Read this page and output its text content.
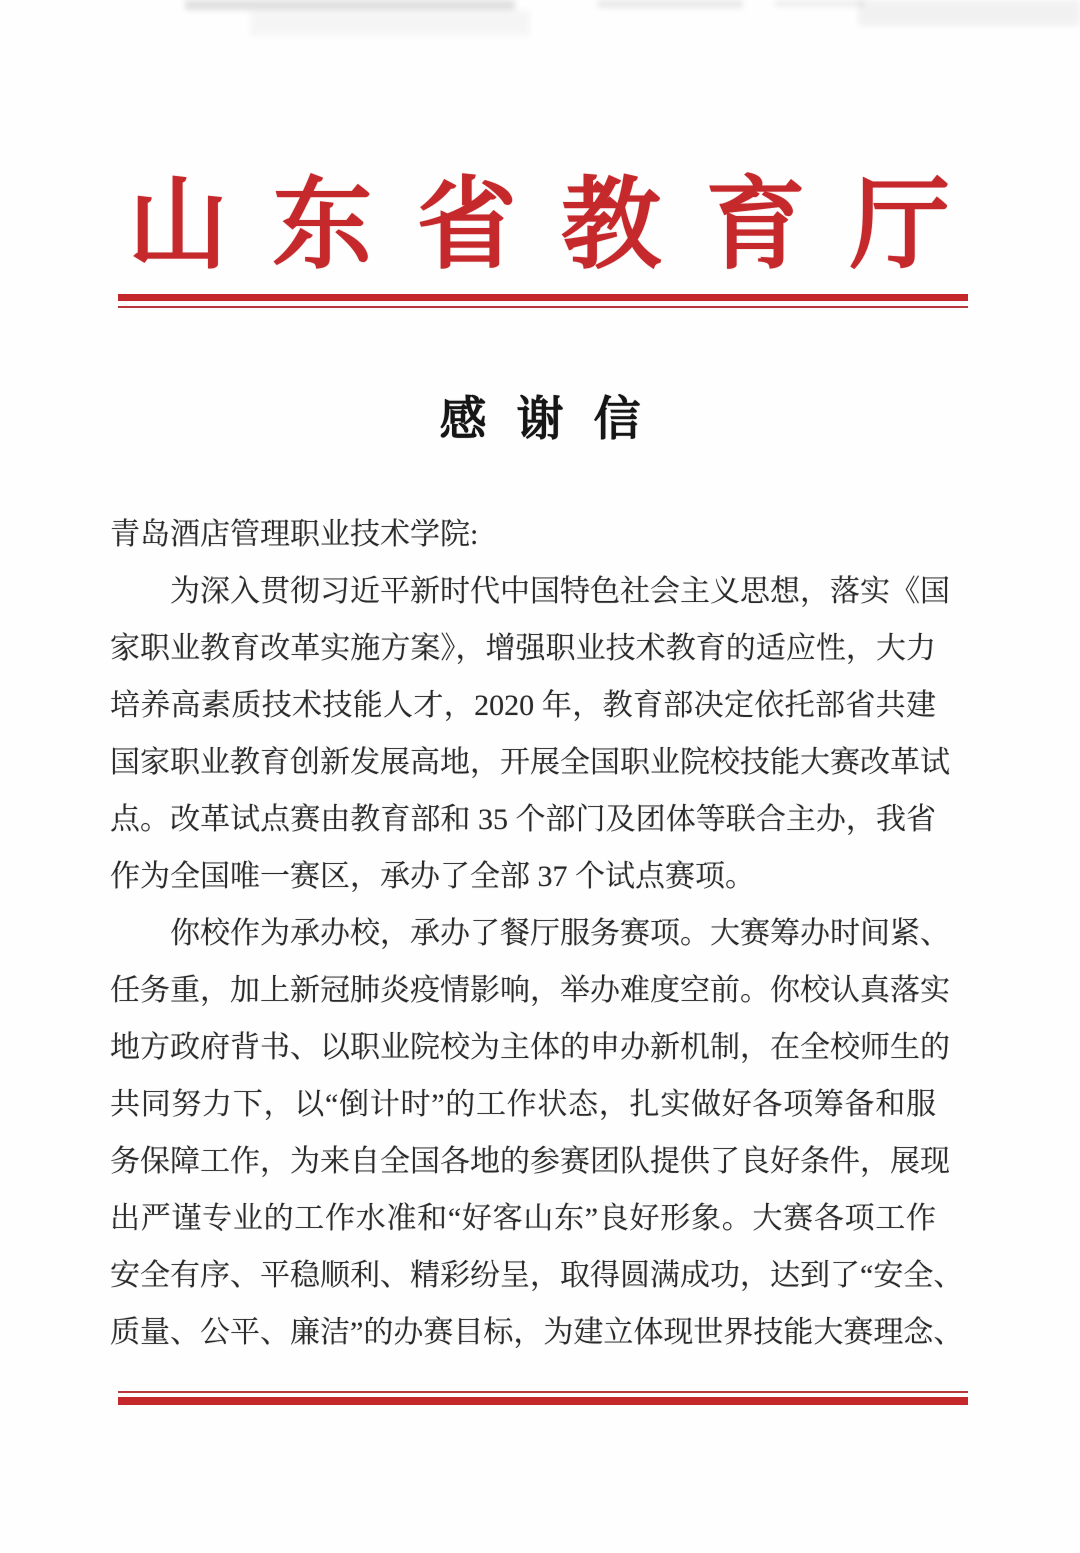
山 东 省 教 育 厅
感谢信
青岛酒店管理职业技术学院:
为深入贯彻习近平新时代中国特色社会主义思想，落实《国
家职业教育改革实施方案》，增强职业技术教育的适应性，大力
培养高素质技术技能人才，2020 年，教育部决定依托部省共建
国家职业教育创新发展高地，开展全国职业院校技能大赛改革试
点。改革试点赛由教育部和 35 个部门及团体等联合主办，我省
作为全国唯一赛区，承办了全部 37 个试点赛项。
你校作为承办校，承办了餐厅服务赛项。大赛筹办时间紧、
任务重，加上新冠肺炎疫情影响，举办难度空前。你校认真落实
地方政府背书、以职业院校为主体的申办新机制，在全校师生的
共同努力下，以“倒计时”的工作状态，扎实做好各项筹备和服
务保障工作，为来自全国各地的参赛团队提供了良好条件，展现
出严谨专业的工作水准和“好客山东”良好形象。大赛各项工作
安全有序、平稳顺利、精彩纷呈，取得圆满成功，达到了“安全、
质量、公平、廉洁”的办赛目标，为建立体现世界技能大赛理念、
